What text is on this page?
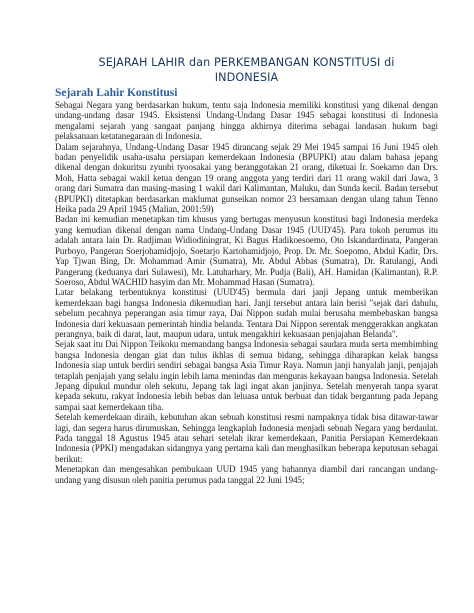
SEJARAH LAHIR dan PERKEMBANGAN KONSTITUSI di
INDONESIA
Sejarah Lahir Konstitusi

Sebagai Negara yang berdasarkan hukum, tentu saja Indonesia memiliki konstitusi yang dikenal dengan undang-undang dasar 1945. Eksistensi Undang-Undang Dasar 1945 sebagai konstitusi di Indonesia mengalami sejarah yang sangaat panjang hingga akhirnya diterima sebagai landasan hukum bagi pelaksanaan ketatanegaraan di Indonesia.

Dalam sejarahnya, Undang-Undang Dasar 1945 dirancang sejak 29 Mei 1945 sampai 16 Juni 1945 oleh badan penyelidik usaha-usaha persiapan kemerdekaan Indonesia (BPUPKI) atau dalam bahasa jepang dikenal dengan dokuritsu zyunbi tyoosakai yang beranggotakan 21 orang, diketuai Ir. Soekarno dan Drs. Moh, Hatta sebagai wakil ketua dengan 19 orang anggota yang terdiri dari 11 orang wakil dari Jawa, 3 orang dari Sumatra dan masing-masing 1 wakil dari Kalimantan, Maluku, dan Sunda kecil. Badan tersebut (BPUPKI) ditetapkan berdasarkan maklumat gunseikan nomor 23 bersamaan dengan ulang tahun Tenno Heika pada 29 April 1945 (Malian, 2001:59)

Badan ini kemudian menetapkan tim khusus yang bertugas menyusun konstitusi bagi Indonesia merdeka yang kemudian dikenal dengan nama Undang-Undang Dasar 1945 (UUD'45). Para tokoh perumus itu adalah antara lain Dr. Radjiman Widiodiningrat, Ki Bagus Hadikoesoemo, Oto Iskandardinata, Pangeran Purboyo, Pangeran Soerjohamidjojo, Soetarjo Kartohamidjojo, Prop. Dr. Mr. Soepomo, Abdul Kadir, Drs. Yap Tjwan Bing, Dr. Mohammad Amir (Sumatra), Mr. Abdul Abbas (Sumatra), Dr. Ratulangi, Andi Pangerang (keduanya dari Sulawesi), Mr. Latuharhary, Mr. Pudja (Bali), AH. Hamidan (Kalimantan), R.P. Soeroso, Abdul WACHID hasyim dan Mr. Mohammad Hasan (Sumatra).

Latar belakang terbentuknya konstitusi (UUD'45) bermula dari janji Jepang untuk memberikan kemerdekaan bagi bangsa Indonesia dikemudian hari. Janji tersebut antara lain berisi "sejak dari dahulu, sebelum pecahnya peperangan asia timur raya, Dai Nippon sudah mulai berusaha membebaskan bangsa Indonesia dari kekuasaan pemerintah hindia belanda. Tentara Dai Nippon serentak menggerakkan angkatan perangnya, baik di darat, laut, maupun udara, untuk mengakhiri kekuasaan penjajahan Belanda".

Sejak saat itu Dai Nippon Teikoku memandang bangsa Indonesia sebagai saudara muda serta membimbing bangsa Indonesia dengan giat dan tulus ikhlas di semua bidang, sehingga diharapkan kelak bangsa Indonesia siap untuk berdiri sendiri sebagai bangsa Asia Timur Raya. Namun janji hanyalah janji, penjajah tetaplah penjajah yang selalu ingin lebih lama menindas dan menguras kekayaan bangsa Indonesia. Setelah Jepang dipukul mundur oleh sekutu, Jepang tak lagi ingat akan janjinya. Setelah menyerah tanpa syarat kepada sekutu, rakyat Indonesia lebih bebas dan leluasa untuk berbuat dan tidak bergantung pada Jepang sampai saat kemerdekaan tiba.

Setelah kemerdekaan diraih, kebutuhan akan sebuah konstitusi resmi nampaknya tidak bisa ditawar-tawar lagi, dan segera harus dirumuskan. Sehingga lengkaplah Indonesia menjadi sebuah Negara yang berdaulat. Pada tanggal 18 Agustus 1945 atau sehari setelah ikrar kemerdekaan, Panitia Persiapan Kemerdekaan Indonesia (PPKI) mengadakan sidangnya yang pertama kali dan menghasilkan beberapa keputusan sebagai berikut:

Menetapkan dan mengesahkan pembukaan UUD 1945 yang bahannya diambil dari rancangan undang-undang yang disusun oleh panitia perumus pada tanggal 22 Juni 1945;
